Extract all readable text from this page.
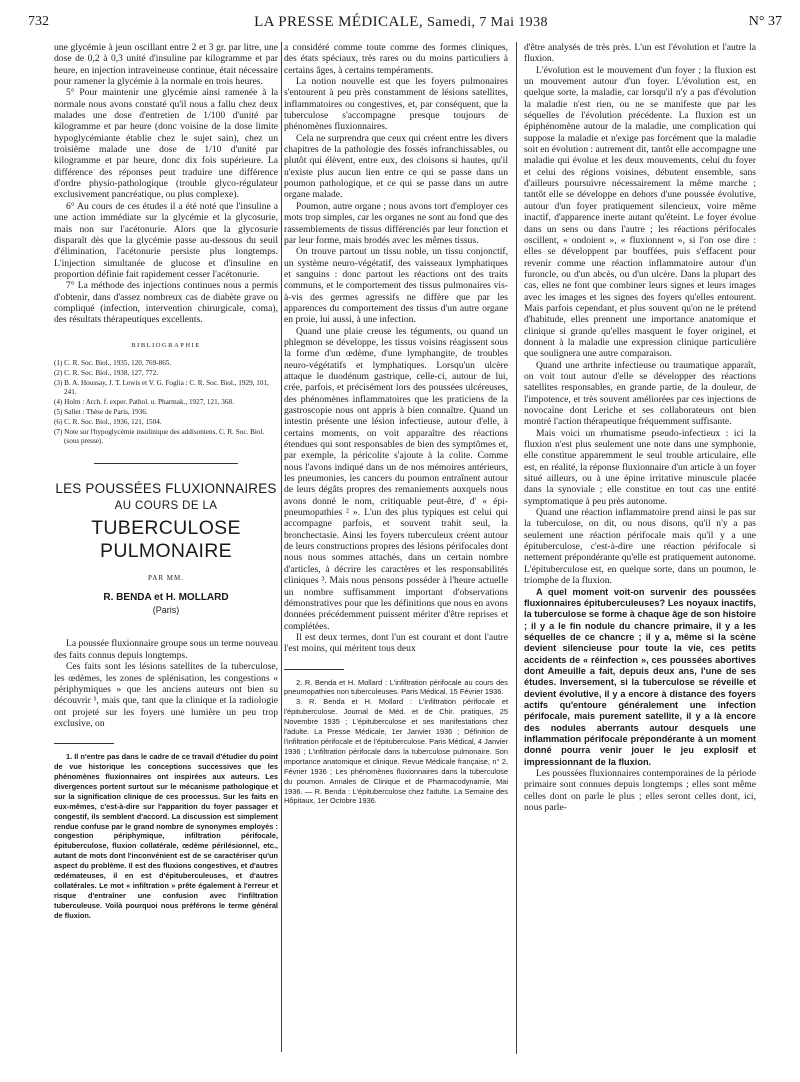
732	LA PRESSE MÉDICALE, Samedi, 7 Mai 1938	N° 37

une glycémie à jeun oscillant entre 2 et 3 gr. par litre, une dose de 0,2 à 0,3 unité d'insuline par kilogramme et par heure, en injection intraveineuse continue, était nécessaire pour ramener la glycémie à la normale en trois heures.

5° Pour maintenir une glycémie ainsi ramenée à la normale nous avons constaté qu'il nous a fallu chez deux malades une dose d'entretien de 1/100 d'unité par kilogramme et par heure (donc voisine de la dose limite hypoglycémiante établie chez le sujet sain), chez un troisième malade une dose de 1/10 d'unité par kilogramme et par heure, donc dix fois supérieure. La différence des réponses peut traduire une différence d'ordre physio-pathologique (trouble glyco-régulateur exclusivement pancréatique, ou plus complexe).

6° Au cours de ces études il a été noté que l'insuline a une action immédiate sur la glycémie et la glycosurie, mais non sur l'acétonurie. Alors que la glycosurie disparaît dès que la glycémie passe au-dessous du seuil d'élimination, l'acétonurie persiste plus longtemps. L'injection simultanée de glucose et d'insuline en proportion définie fait rapidement cesser l'acétonurie.

7° La méthode des injections continues nous a permis d'obtenir, dans d'assez nombreux cas de diabète grave ou compliqué (infection, intervention chirurgicale, coma), des résultats thérapeutiques excellents.

BIBLIOGRAPHIE
(1) C. R. Soc. Biol., 1935, 120, 769-865.
(2) C. R. Soc. Biol., 1938, 127, 772.
(3) B. A. Houssay, J. T. Lewis et V. G. Foglia : C. R. Soc. Biol., 1929, 101, 241.
(4) Holm : Arch. f. exper. Pathol. u. Pharmak., 1927, 121, 368.
(5) Sallet : Thèse de Paris, 1936.
(6) C. R. Soc. Biol., 1936, 121, 1504.
(7) Note sur l'hypoglycémie insulinique des addisoniens. C. R. Soc. Biol. (sous presse).
LES POUSSÉES FLUXIONNAIRES
AU COURS DE LA
TUBERCULOSE PULMONAIRE
PAR MM.
R. BENDA et H. MOLLARD
(Paris)

La poussée fluxionnaire groupe sous un terme nouveau des faits connus depuis longtemps.

Ces faits sont les lésions satellites de la tuberculose, les œdèmes, les zones de splénisation, les congestions « périphymiques » que les anciens auteurs ont bien su découvrir ¹, mais que, tant que la clinique et la radiologie ont projeté sur les foyers une lumière un peu trop exclusive, on

1. Il n'entre pas dans le cadre de ce travail d'étudier du point de vue historique les conceptions successives que les phénomènes fluxionnaires ont inspirées aux auteurs. Les divergences portent surtout sur le mécanisme pathologique et sur la signification clinique de ces processus. Sur les faits en eux-mêmes, c'est-à-dire sur l'apparition du foyer passager et congestif, ils semblent d'accord. La discussion est simplement rendue confuse par le grand nombre de synonymes employés : congestion périphymique, infiltration périfocale, épituberculose, fluxion collatérale, œdème périlésionnel, etc., autant de mots dont l'inconvénient est de se caractériser qu'un aspect du problème. Il est des fluxions congestives, et d'autres œdémateuses, il en est d'épituberculeuses, et d'autres collatérales. Le mot « infiltration » prête également à l'erreur et risque d'entraîner une confusion avec l'infiltration tuberculeuse. Voilà pourquoi nous préférons le terme général de fluxion.

a considéré comme toute comme des formes cliniques, des états spéciaux, très rares ou du moins particuliers à certains âges, à certains tempéraments.

La notion nouvelle est que les foyers pulmonaires s'entourent à peu près constamment de lésions satellites, inflammatoires ou congestives, et, par conséquent, que la tuberculose s'accompagne presque toujours de phénomènes fluxionnaires.

Cela ne surprendra que ceux qui créent entre les divers chapitres de la pathologie des fossés infranchissables, ou plutôt qui élèvent, entre eux, des cloisons si hautes, qu'il n'existe plus aucun lien entre ce qui se passe dans un poumon pathologique, et ce qui se passe dans un autre organe malade.

Poumon, autre organe ; nous avons tort d'employer ces mots trop simples, car les organes ne sont au fond que des rassemblements de tissus différenciés par leur fonction et par leur forme, mais brodés avec les mêmes tissus.

On trouve partout un tissu noble, un tissu conjonctif, un système neuro-végétatif, des vaisseaux lymphatiques et sanguins : donc partout les réactions ont des traits communs, et le comportement des tissus pulmonaires vis-à-vis des germes agressifs ne diffère que par les apparences du comportement des tissus d'un autre organe en proie, lui aussi, à une infection.

Quand une plaie creuse les téguments, ou quand un phlegmon se développe, les tissus voisins réagissent sous la forme d'un œdème, d'une lymphangite, de troubles neuro-végétatifs et lymphatiques. Lorsqu'un ulcère attaque le duodénum gastrique, celle-ci, autour de lui, crée, parfois, et précisément lors des poussées ulcéreuses, des phénomènes inflammatoires que les praticiens de la gastroscopie nous ont appris à bien connaître. Quand un intestin présente une lésion infectieuse, autour d'elle, à certains moments, on voit apparaître des réactions étendues qui sont responsables de bien des symptômes et, par exemple, la péricolite s'ajoute à la colite. Comme nous l'avons indiqué dans un de nos mémoires antérieurs, les pneumonies, les cancers du poumon entraînent autour de leurs dégâts propres des remaniements auxquels nous avons donné le nom, critiquable peut-être, d' « épi-pneumopathies ² ». L'un des plus typiques est celui qui accompagne parfois, et souvent trahit seul, la bronchectasie. Ainsi les foyers tuberculeux créent autour de leurs constructions propres des lésions périfocales dont nous nous sommes attachés, dans un certain nombre d'articles, à décrire les caractères et les responsabilités cliniques ³. Mais nous pensons posséder à l'heure actuelle un nombre suffisamment important d'observations démonstratives pour que les définitions que nous en avons données précédemment puissent mériter d'être reprises et complétées.

Il est deux termes, dont l'un est courant et dont l'autre l'est moins, qui méritent tous deux

2. R. Benda et H. Mollard : L'infiltration périfocale au cours des pneumopathies non tuberculeuses. Paris Médical, 15 Février 1936.

3. R. Benda et H. Mollard : L'infiltration périfocale et l'épituberculose. Journal de Méd. et de Chir. pratiques, 25 Novembre 1935 ; L'épituberculose et ses manifestations chez l'adulte. La Presse Médicale, 1er Janvier 1936 ; Définition de l'infiltration périfocale et de l'épituberculose. Paris Médical, 4 Janvier 1936 ; L'infiltration périfocale dans la tuberculose pulmonaire. Son importance anatomique et clinique. Revue Médicale française, n° 2, Février 1936 ; Les phénomènes fluxionnaires dans la tuberculose du poumon. Annales de Clinique et de Pharmacodynamie, Mai 1936. — R. Benda : L'épituberculose chez l'adulte. La Semaine des Hôpitaux, 1er Octobre 1936.

d'être analysés de très près. L'un est l'évolution et l'autre la fluxion.

L'évolution est le mouvement d'un foyer ; la fluxion est un mouvement autour d'un foyer. L'évolution est, en quelque sorte, la maladie, car lorsqu'il n'y a pas d'évolution la maladie n'est rien, ou ne se manifeste que par les séquelles de l'évolution précédente. La fluxion est un épiphénomène autour de la maladie, une complication qui suppose la maladie et n'exige pas forcément que la maladie soit en évolution : autrement dit, tantôt elle accompagne une maladie qui évolue et les deux mouvements, celui du foyer et celui des régions voisines, débutent ensemble, sans d'ailleurs poursuivre nécessairement la même marche ; tantôt elle se développe en dehors d'une poussée évolutive, autour d'un foyer pratiquement silencieux, voire même inactif, d'apparence inerte autant qu'éteint. Le foyer évolue dans un sens ou dans l'autre ; les réactions périfocales oscillent, « ondoient », « fluxionnent », si l'on ose dire : elles se développent par bouffées, puis s'effacent pour revenir comme une réaction inflammatoire autour d'un furoncle, ou d'un abcès, ou d'un ulcère. Dans la plupart des cas, elles ne font que combiner leurs signes et leurs images avec les images et les signes des foyers qu'elles entourent. Mais parfois cependant, et plus souvent qu'on ne le prétend d'habitude, elles prennent une importance anatomique et clinique si grande qu'elles masquent le foyer originel, et donnent à la maladie une expression clinique particulière que soulignera une autre comparaison.

Quand une arthrite infectieuse ou traumatique apparaît, on voit tout autour d'elle se développer des réactions satellites responsables, en grande partie, de la douleur, de l'impotence, et très souvent améliorées par ces injections de novocaïne dont Leriche et ses collaborateurs ont bien montré l'action thérapeutique fréquemment suffisante.

Mais voici un rhumatisme pseudo-infectieux : ici la fluxion n'est plus seulement une note dans une symphonie, elle constitue apparemment le seul trouble articulaire, elle est, en réalité, la réponse fluxionnaire d'un article à un foyer situé ailleurs, ou à une épine irritative minuscule placée dans la synoviale ; elle constitue en tout cas une entité symptomatique à peu près autonome.

Quand une réaction inflammatoire prend ainsi le pas sur la tuberculose, on dit, ou nous disons, qu'il n'y a pas seulement une réaction périfocale mais qu'il y a une épituberculose, c'est-à-dire une réaction périfocale si nettement prépondérante qu'elle est pratiquement autonome. L'épituberculose est, en quelque sorte, dans un poumon, le triomphe de la fluxion.

A quel moment voit-on survenir des poussées fluxionnaires épituberculeuses? Les noyaux inactifs, la tuberculose se forme à chaque âge de son histoire ; il y a le fin nodule du chancre primaire, il y a les séquelles de ce chancre ; il y a, même si la scène devient silencieuse pour toute la vie, ces petits accidents de « réinfection », ces poussées abortives dont Ameuille a fait, depuis deux ans, l'une de ses études. Inversement, si la tuberculose se réveille et devient évolutive, il y a encore à distance des foyers actifs qu'entoure généralement une infection périfocale, mais purement satellite, il y a là encore des nodules aberrants autour desquels une inflammation périfocale prépondérante à un moment donné pourra venir jouer le jeu explosif et impressionnant de la fluxion.

Les poussées fluxionnaires contemporaines de la période primaire sont connues depuis longtemps ; elles sont même celles dont on parle le plus ; elles seront celles dont, ici, nous parle-
